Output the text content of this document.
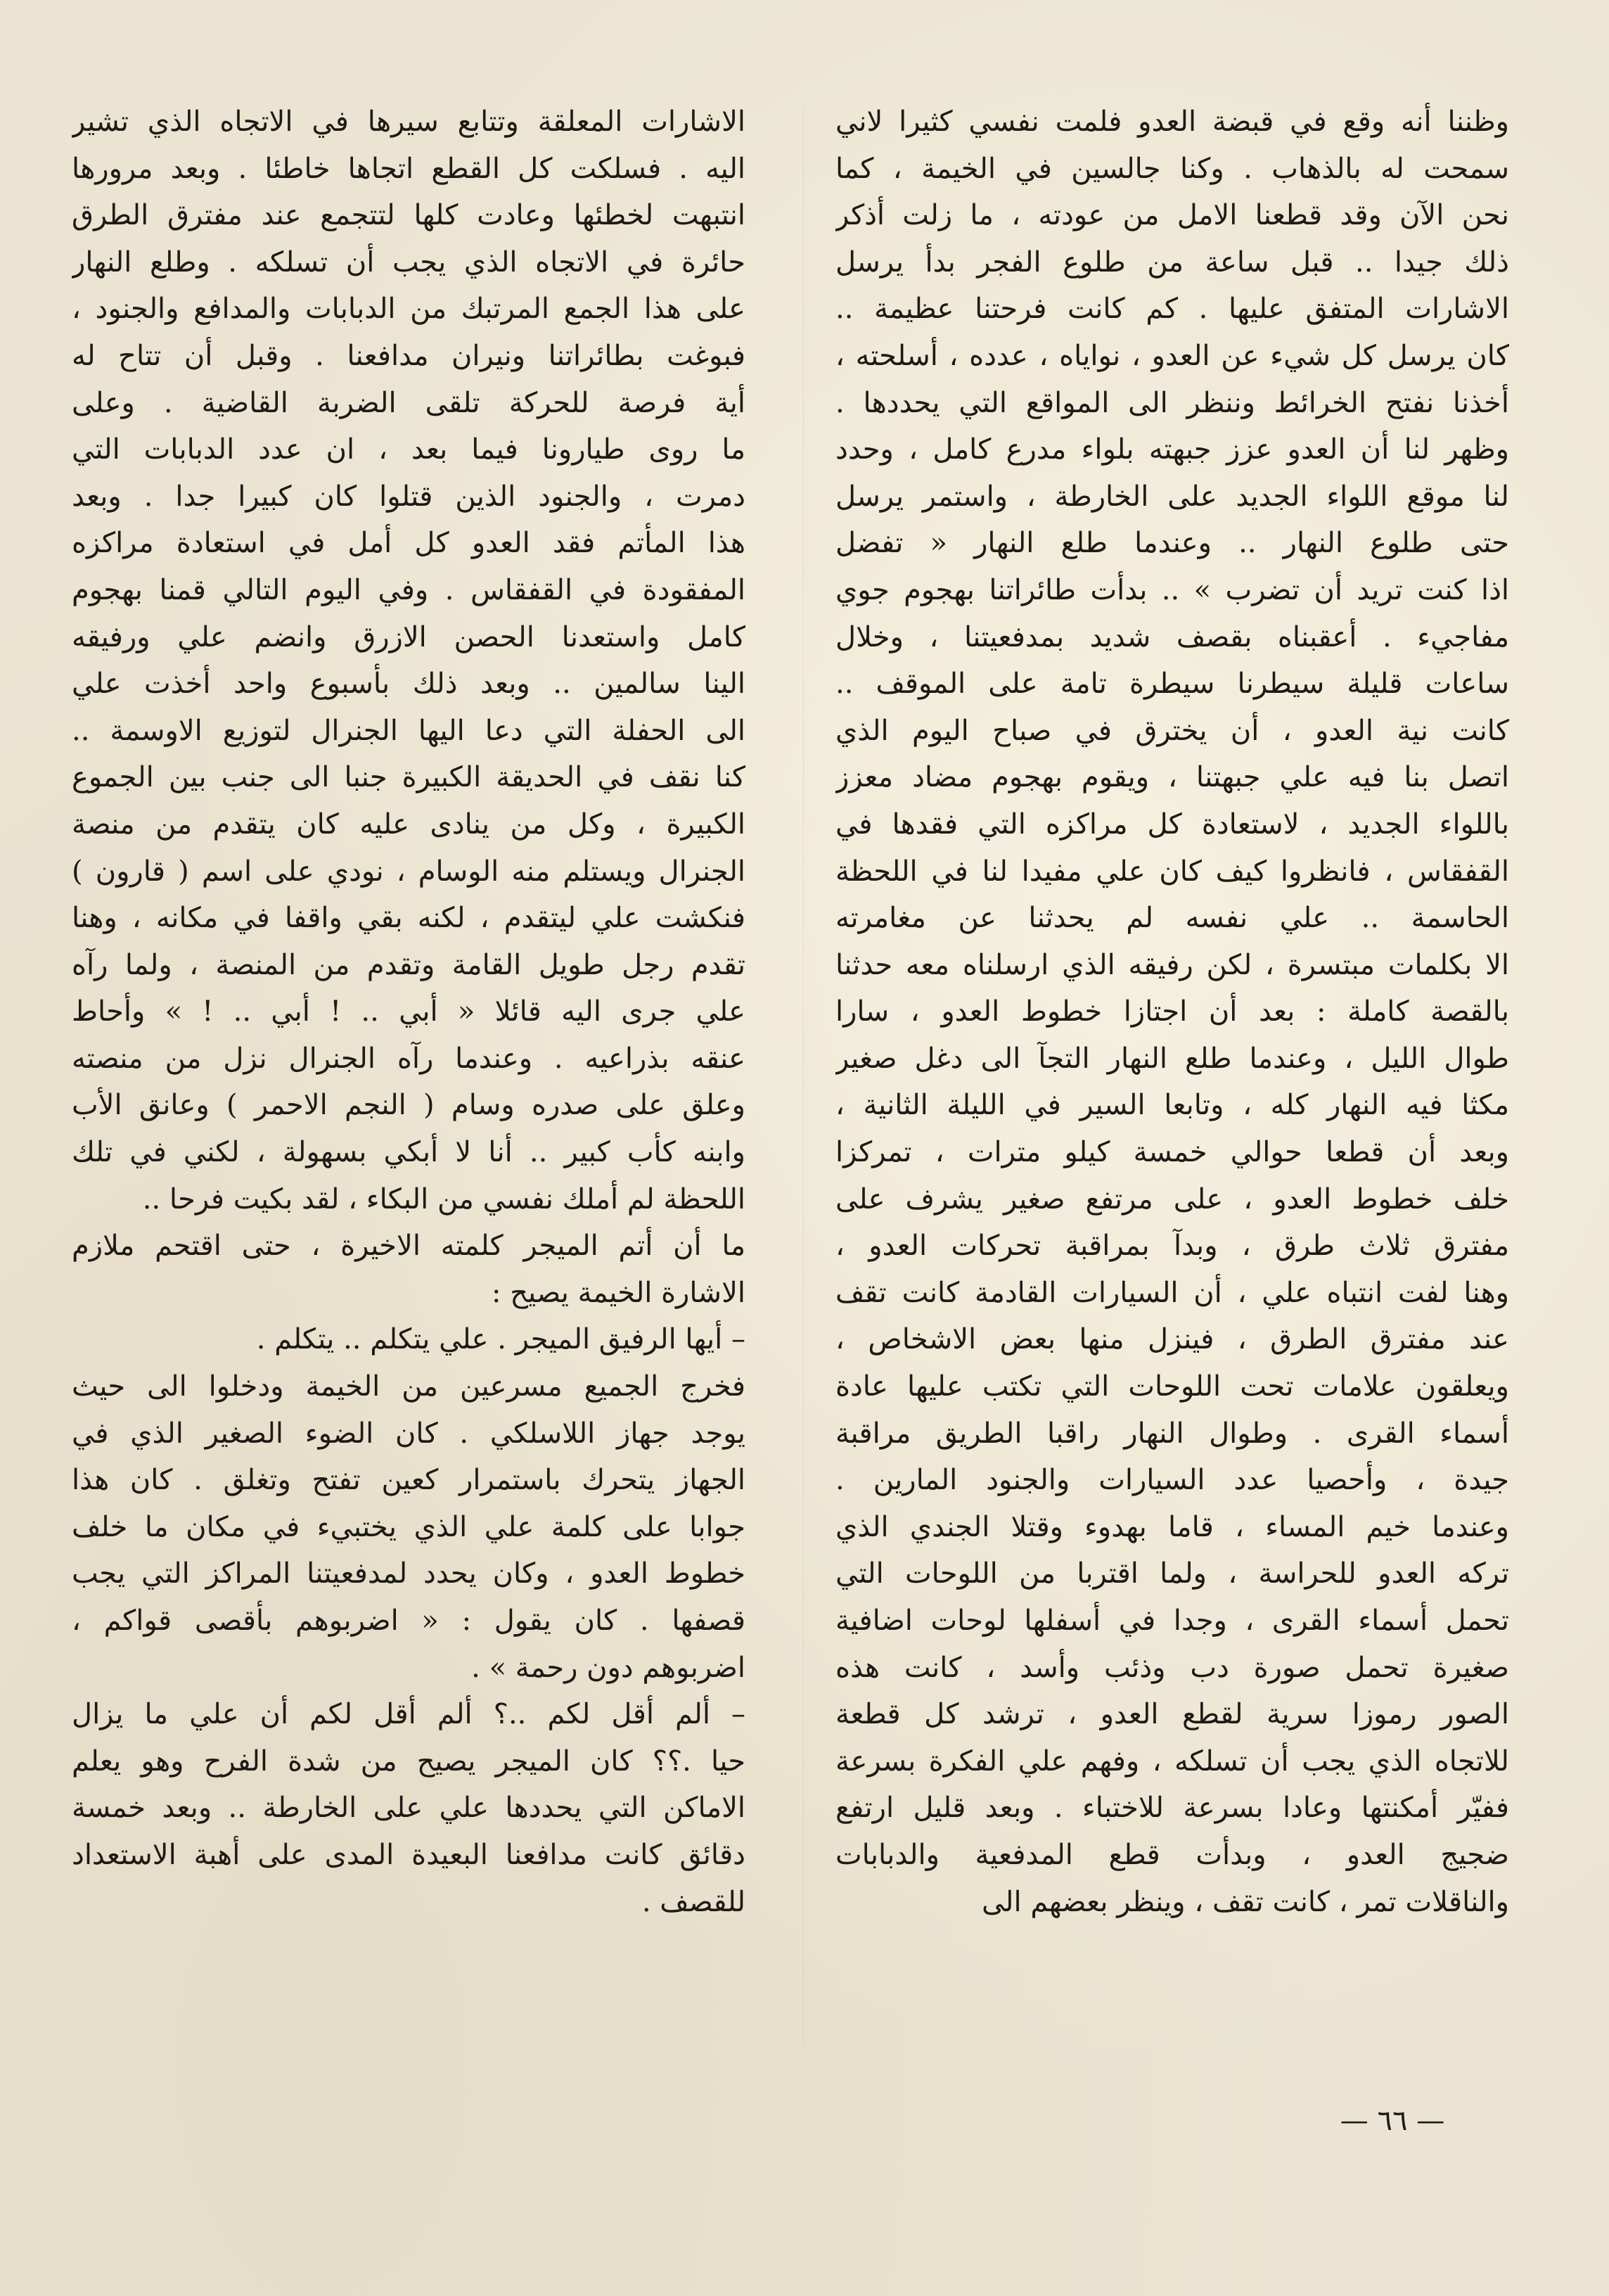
وظننا أنه وقع في قبضة العدو فلمت نفسي كثيرا لاني
سمحت له بالذهاب . وكنا جالسين في الخيمة ، كما
نحن الآن وقد قطعنا الامل من عودته ، ما زلت أذكر
ذلك جيدا .. قبل ساعة من طلوع الفجر بدأ يرسل
الاشارات المتفق عليها . كم كانت فرحتنا عظيمة ..
كان يرسل كل شيء عن العدو ، نواياه ، عدده ، أسلحته ،
أخذنا نفتح الخرائط وننظر الى المواقع التي يحددها .
وظهر لنا أن العدو عزز جبهته بلواء مدرع كامل ، وحدد
لنا موقع اللواء الجديد على الخارطة ، واستمر يرسل
حتى طلوع النهار .. وعندما طلع النهار « تفضل
اذا كنت تريد أن تضرب » .. بدأت طائراتنا بهجوم جوي
مفاجيء . أعقبناه بقصف شديد بمدفعيتنا ، وخلال
ساعات قليلة سيطرنا سيطرة تامة على الموقف ..
كانت نية العدو ، أن يخترق في صباح اليوم الذي
اتصل بنا فيه علي جبهتنا ، ويقوم بهجوم مضاد معزز
باللواء الجديد ، لاستعادة كل مراكزه التي فقدها في
القفقاس ، فانظروا كيف كان علي مفيدا لنا في اللحظة
الحاسمة .. علي نفسه لم يحدثنا عن مغامرته
الا بكلمات مبتسرة ، لكن رفيقه الذي ارسلناه معه حدثنا
بالقصة كاملة : بعد أن اجتازا خطوط العدو ، سارا
طوال الليل ، وعندما طلع النهار التجآ الى دغل صغير
مكثا فيه النهار كله ، وتابعا السير في الليلة الثانية ،
وبعد أن قطعا حوالي خمسة كيلو مترات ، تمركزا
خلف خطوط العدو ، على مرتفع صغير يشرف على
مفترق ثلاث طرق ، وبدآ بمراقبة تحركات العدو ،
وهنا لفت انتباه علي ، أن السيارات القادمة كانت تقف
عند مفترق الطرق ، فينزل منها بعض الاشخاص ،
ويعلقون علامات تحت اللوحات التي تكتب عليها عادة
أسماء القرى . وطوال النهار راقبا الطريق مراقبة
جيدة ، وأحصيا عدد السيارات والجنود المارين .
وعندما خيم المساء ، قاما بهدوء وقتلا الجندي الذي
تركه العدو للحراسة ، ولما اقتربا من اللوحات التي
تحمل أسماء القرى ، وجدا في أسفلها لوحات اضافية
صغيرة تحمل صورة دب وذئب وأسد ، كانت هذه
الصور رموزا سرية لقطع العدو ، ترشد كل قطعة
للاتجاه الذي يجب أن تسلكه ، وفهم علي الفكرة بسرعة
ففيّر أمكنتها وعادا بسرعة للاختباء . وبعد قليل ارتفع
ضجيج العدو ، وبدأت قطع المدفعية والدبابات
والناقلات تمر ، كانت تقف ، وينظر بعضهم الى
الاشارات المعلقة وتتابع سيرها في الاتجاه الذي تشير
اليه . فسلكت كل القطع اتجاها خاطئا . وبعد مرورها
انتبهت لخطئها وعادت كلها لتتجمع عند مفترق الطرق
حائرة في الاتجاه الذي يجب أن تسلكه . وطلع النهار
على هذا الجمع المرتبك من الدبابات والمدافع والجنود ،
فبوغت بطائراتنا ونيران مدافعنا . وقبل أن تتاح له
أية فرصة للحركة تلقى الضربة القاضية . وعلى
ما روى طيارونا فيما بعد ، ان عدد الدبابات التي
دمرت ، والجنود الذين قتلوا كان كبيرا جدا . وبعد
هذا المأتم فقد العدو كل أمل في استعادة مراكزه
المفقودة في القفقاس . وفي اليوم التالي قمنا بهجوم
كامل واستعدنا الحصن الازرق وانضم علي ورفيقه
الينا سالمين .. وبعد ذلك بأسبوع واحد أخذت علي
الى الحفلة التي دعا اليها الجنرال لتوزيع الاوسمة ..
كنا نقف في الحديقة الكبيرة جنبا الى جنب بين الجموع
الكبيرة ، وكل من ينادى عليه كان يتقدم من منصة
الجنرال ويستلم منه الوسام ، نودي على اسم ( قارون )
فنكشت علي ليتقدم ، لكنه بقي واقفا في مكانه ، وهنا
تقدم رجل طويل القامة وتقدم من المنصة ، ولما رآه
علي جرى اليه قائلا « أبي .. ! أبي .. ! » وأحاط
عنقه بذراعيه . وعندما رآه الجنرال نزل من منصته
وعلق على صدره وسام ( النجم الاحمر ) وعانق الأب
وابنه كأب كبير .. أنا لا أبكي بسهولة ، لكني في تلك
اللحظة لم أملك نفسي من البكاء ، لقد بكيت فرحا ..
ما أن أتم الميجر كلمته الاخيرة ، حتى اقتحم ملازم
الاشارة الخيمة يصيح :
– أيها الرفيق الميجر . علي يتكلم .. يتكلم .
فخرج الجميع مسرعين من الخيمة ودخلوا الى حيث
يوجد جهاز اللاسلكي . كان الضوء الصغير الذي في
الجهاز يتحرك باستمرار كعين تفتح وتغلق . كان هذا
جوابا على كلمة علي الذي يختبيء في مكان ما خلف
خطوط العدو ، وكان يحدد لمدفعيتنا المراكز التي يجب
قصفها . كان يقول : « اضربوهم بأقصى قواكم ،
اضربوهم دون رحمة » .
– ألم أقل لكم ..؟ ألم أقل لكم أن علي ما يزال
حيا .؟؟ كان الميجر يصيح من شدة الفرح وهو يعلم
الاماكن التي يحددها علي على الخارطة .. وبعد خمسة
دقائق كانت مدافعنا البعيدة المدى على أهبة الاستعداد
للقصف .
— ٦٦ —
